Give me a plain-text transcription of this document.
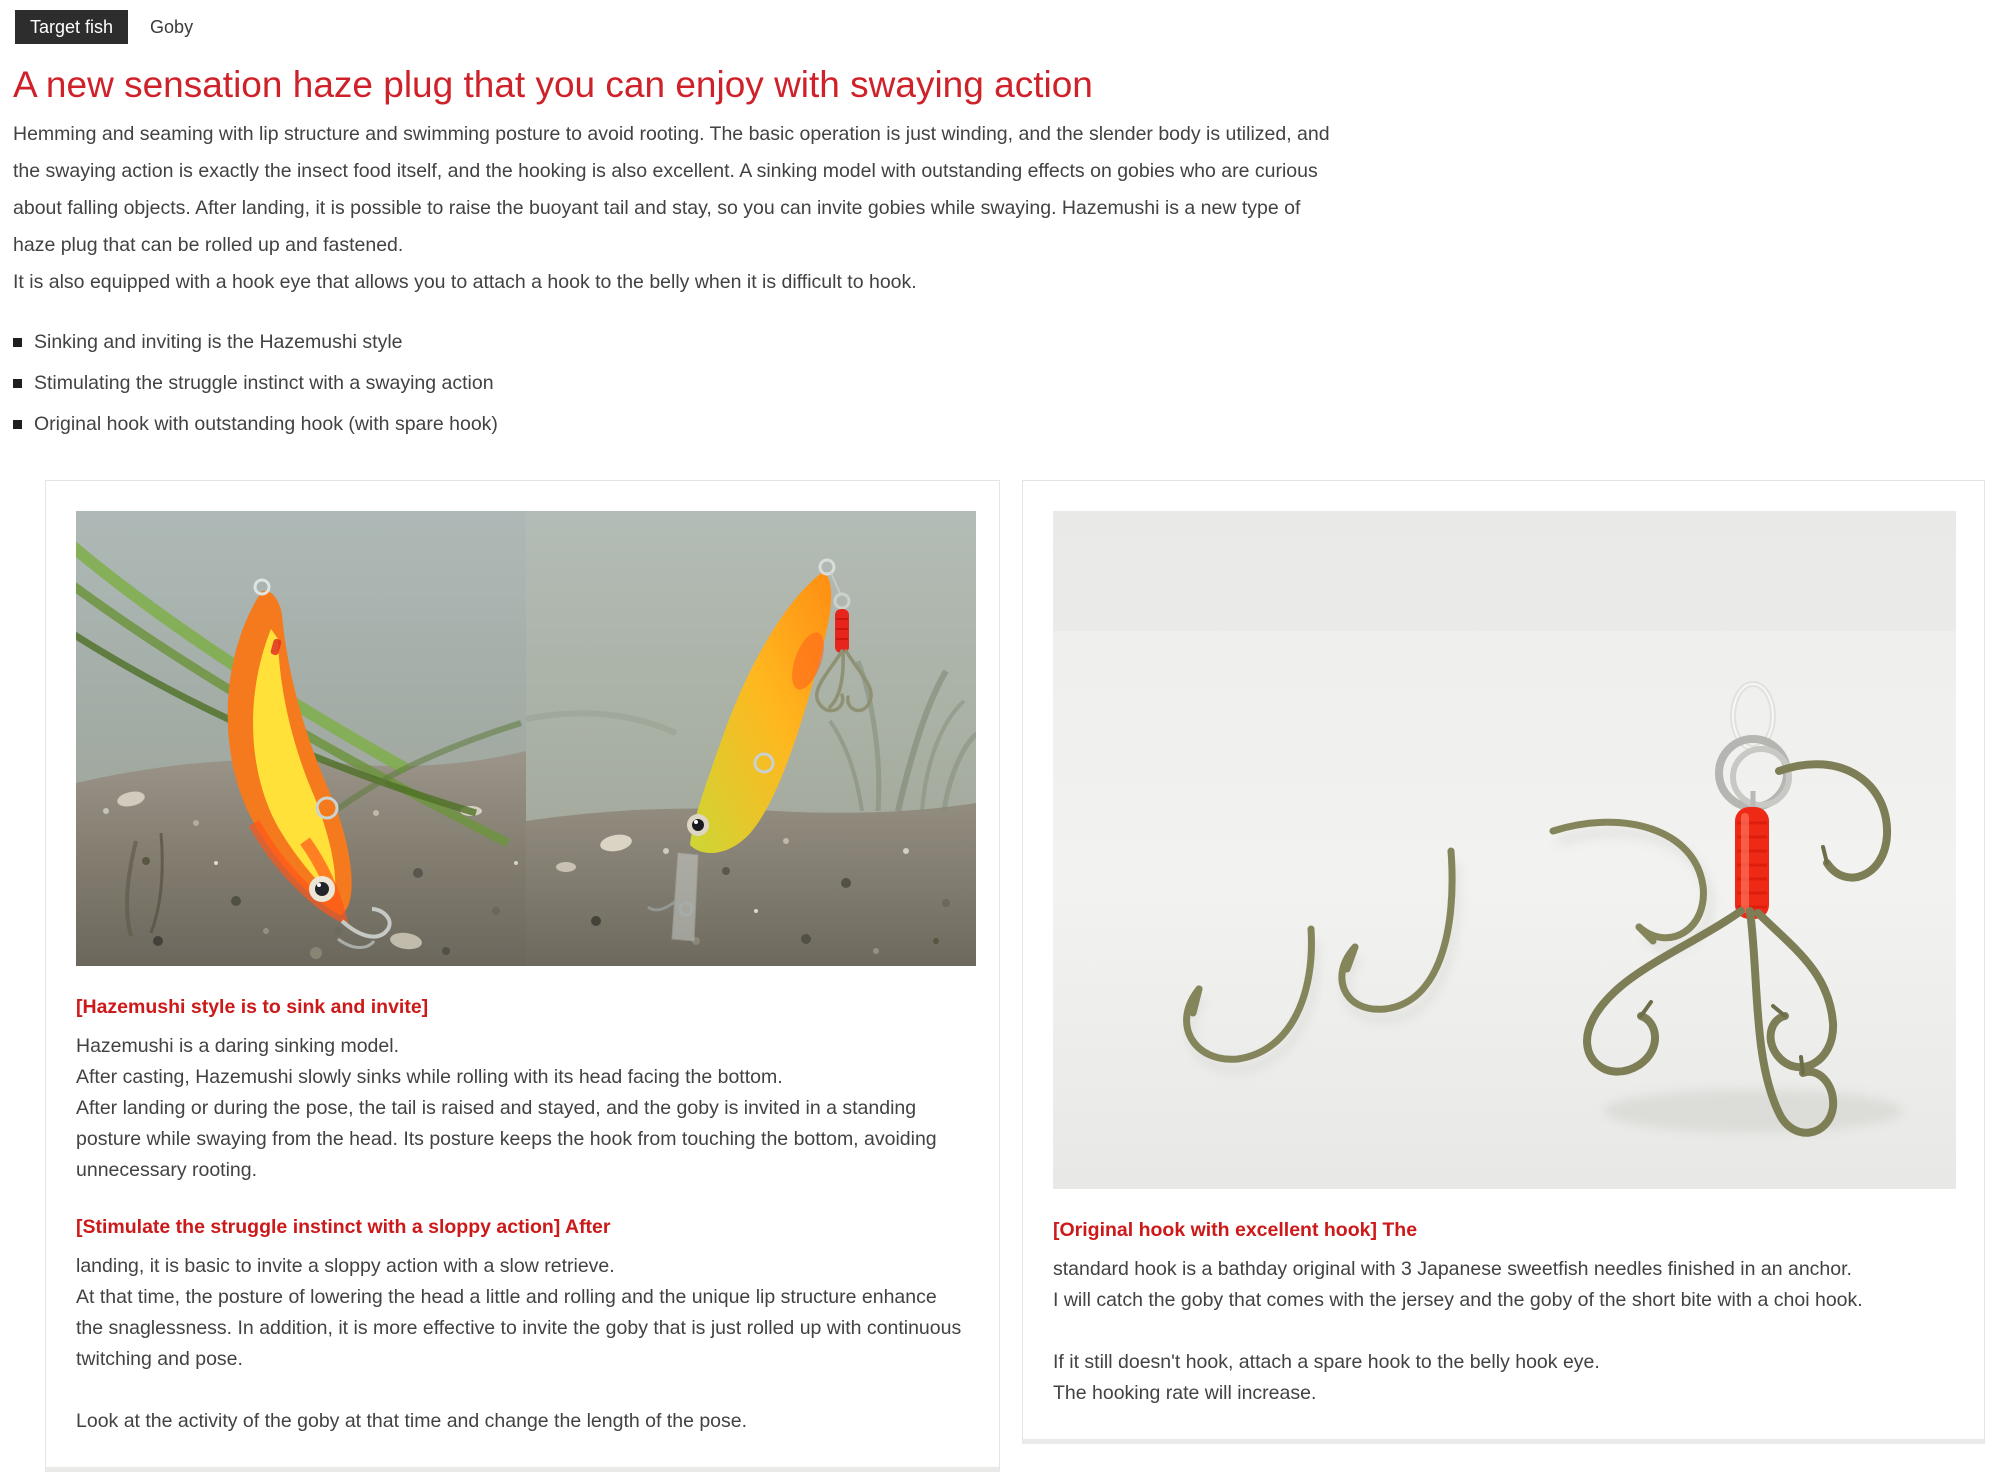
Target fish	Goby
A new sensation haze plug that you can enjoy with swaying action

Hemming and seaming with lip structure and swimming posture to avoid rooting. The basic operation is just winding, and the slender body is utilized, and the swaying action is exactly the insect food itself, and the hooking is also excellent. A sinking model with outstanding effects on gobies who are curious about falling objects. After landing, it is possible to raise the buoyant tail and stay, so you can invite gobies while swaying. Hazemushi is a new type of haze plug that can be rolled up and fastened.

It is also equipped with a hook eye that allows you to attach a hook to the belly when it is difficult to hook.

Sinking and inviting is the Hazemushi style
Stimulating the struggle instinct with a swaying action
Original hook with outstanding hook (with spare hook)
[Hazemushi style is to sink and invite]

Hazemushi is a daring sinking model.

After casting, Hazemushi slowly sinks while rolling with its head facing the bottom.

After landing or during the pose, the tail is raised and stayed, and the goby is invited in a standing posture while swaying from the head. Its posture keeps the hook from touching the bottom, avoiding unnecessary rooting.

[Stimulate the struggle instinct with a sloppy action] After

landing, it is basic to invite a sloppy action with a slow retrieve.

At that time, the posture of lowering the head a little and rolling and the unique lip structure enhance the snaglessness. In addition, it is more effective to invite the goby that is just rolled up with continuous twitching and pose.

Look at the activity of the goby at that time and change the length of the pose.

[Original hook with excellent hook] The

standard hook is a bathday original with 3 Japanese sweetfish needles finished in an anchor.

I will catch the goby that comes with the jersey and the goby of the short bite with a choi hook.

If it still doesn't hook, attach a spare hook to the belly hook eye.

The hooking rate will increase.
